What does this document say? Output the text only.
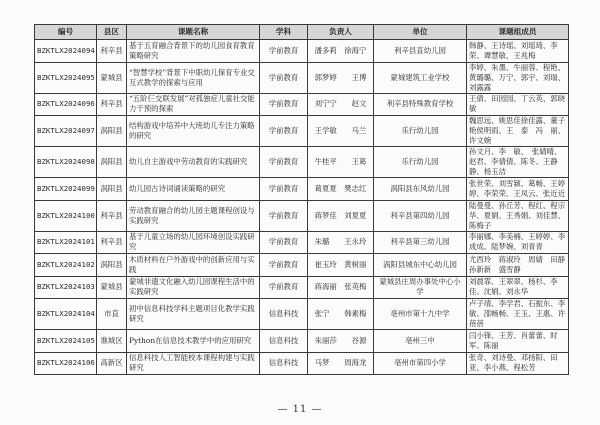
编号	县区	课题名称	学科	负责人	单位	课题组成员
BZKTLX2024094	利辛县	基于五育融合背景下的幼儿园食育教育策略研究	学前教育	潘多莉　徐海宁	利辛县直幼儿园	韩静、王诗瑶、刘瑶琦、李荣、谭慧敏、王兆梅
BZKTLX2024095	蒙城县	“智慧学校”背景下中职幼儿保育专业交互式教学的探索与应用	学前教育	郭梦婷　　王博	蒙城建筑工业学校	李婷、朱墨、牛丽蓉、程艳、黄璐璐、万宁、郭宇、刘瑞、刘露露
BZKTLX2024096	利辛县	“五阶仨交联发展”对孤独症儿童社交能力干预的探索	学前教育	刘宁宁　　赵文	利辛县特殊教育学校	王倩、田园园、丁云英、郭晓敏
BZKTLX2024097	涡阳县	结构游戏中培养中大班幼儿专注力策略的研究	学前教育	王学敏　　马兰	乐行幼儿园	魏思远、姚思佳徐佳露、董子艳侯明雨、王　泰　冯　丽、许文婉
BZKTLX2024098	涡阳县	幼儿自主游戏中劳动教育的实践研究	学前教育	牛桂平　　王葛	乐行幼儿园	孙文月、李　敏、　张婧晴、赵君、李倩倩、陈冬、王静静、杨玉洁
BZKTLX2024099	涡阳县	幼儿园古诗词诵读策略的研究	学前教育	葛夏夏　樊志红	涡阳县东风幼儿园	张世荣、刘雪颖、葛畅、王婷婷、李荣荣、王凤云、张近近
BZKTLX2024100	利辛县	劳动教育融合的幼儿园主题课程创设与实践研究	学前教育	蒋梦佳　刘夏夏	利辛县第四幼儿园	陆曼曼、孙丘芳、程红、程宗华、夏娟、王秀娟、刘佳慧、陈梅子
BZKTLX2024101	利辛县	基于儿童立场的幼儿园环境创设实践研究	学前教育	朱璐　　王永玲	利辛县第三幼儿园	李丽娜、李美楠、王婷婷、李成成、陆梦婉、刘青青
BZKTLX2024102	涡阳县	木质材料在户外游戏中的创新应用与实践	学前教育	崔玉玲　黄树丽	涡阳县城东中心幼儿园	尤西玲　蒋淑玲　周婧　田静　孙新新　盛雪静
BZKTLX2024103	蒙城县	蒙城非遗文化融入幼儿园课程生活中的实践研究	学前教育	蒋海丽　张英梅	蒙城县庄周办事处中心小学	刘晨霏、王翠翠、杨杉、李佳、沈娟、刘永华
BZKTLX2024104	市直	初中信息科技学科主题项目化教学实践研究	信息科技	张宁　　韩素梅	亳州市第十九中学	卢子靖、李学君、石振东、李敏、邵畅畅、王玉、王惠、许蓓蓓
BZKTLX2024105	谯城区	Python在信息技术教学中的应用研究	信息科技	朱丽莎　　谷源	亳州三中	闫小锋、王芳、肖蕾蕾、时军、陈丽
BZKTLX2024106	高新区	信息科技人工智能校本课程构建与实践研究	信息科技	马梦　　周海龙	亳州市第四小学	张奇、刘诗曼、邓扬阳、田亚、李小燕、程松芳
— 11 —
